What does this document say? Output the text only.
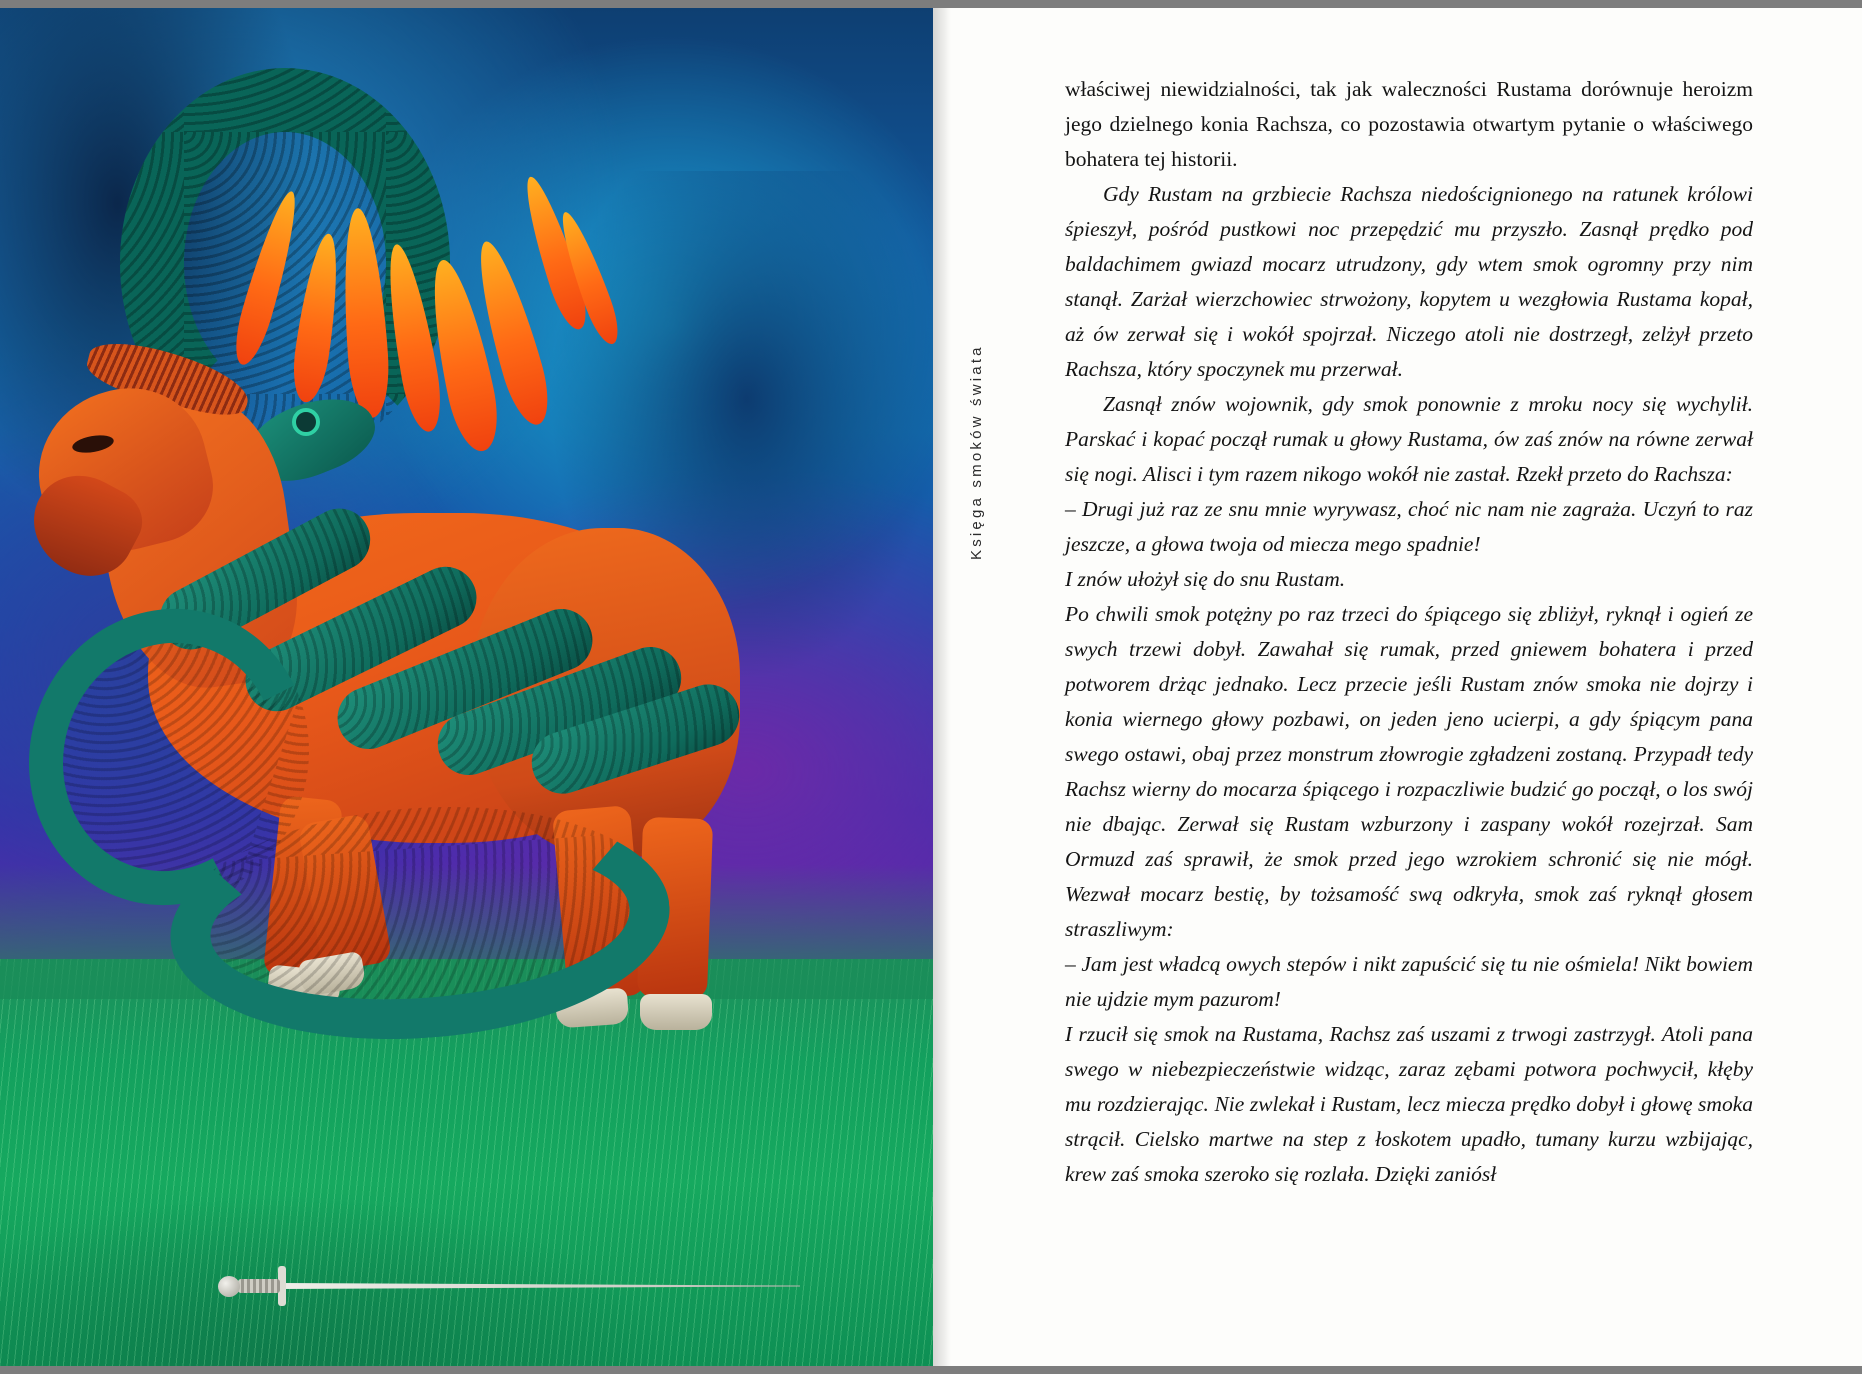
Księga smoków świata

właściwej niewidzialności, tak jak waleczności Rustama dorównuje heroizm jego dzielnego konia Rachsza, co pozostawia otwartym pytanie o właściwego bohatera tej historii.

Gdy Rustam na grzbiecie Rachsza niedoścignionego na ratunek królowi śpieszył, pośród pustkowi noc przepędzić mu przyszło. Zasnął prędko pod baldachimem gwiazd mocarz utrudzony, gdy wtem smok ogromny przy nim stanął. Zarżał wierzchowiec strwożony, kopytem u wezgłowia Rustama kopał, aż ów zerwał się i wokół spojrzał. Niczego atoli nie dostrzegł, zelżył przeto Rachsza, który spoczynek mu przerwał.

Zasnął znów wojownik, gdy smok ponownie z mroku nocy się wychylił. Parskać i kopać począł rumak u głowy Rustama, ów zaś znów na równe zerwał się nogi. Alisci i tym razem nikogo wokół nie zastał. Rzekł przeto do Rachsza:

– Drugi już raz ze snu mnie wyrywasz, choć nic nam nie zagraża. Uczyń to raz jeszcze, a głowa twoja od miecza mego spadnie!

I znów ułożył się do snu Rustam.

Po chwili smok potężny po raz trzeci do śpiącego się zbliżył, ryknął i ogień ze swych trzewi dobył. Zawahał się rumak, przed gniewem bohatera i przed potworem drżąc jednako. Lecz przecie jeśli Rustam znów smoka nie dojrzy i konia wiernego głowy pozbawi, on jeden jeno ucierpi, a gdy śpiącym pana swego ostawi, obaj przez monstrum złowrogie zgładzeni zostaną. Przypadł tedy Rachsz wierny do mocarza śpiącego i rozpaczliwie budzić go począł, o los swój nie dbając. Zerwał się Rustam wzburzony i zaspany wokół rozejrzał. Sam Ormuzd zaś sprawił, że smok przed jego wzrokiem schronić się nie mógł. Wezwał mocarz bestię, by tożsamość swą odkryła, smok zaś ryknął głosem straszliwym:

– Jam jest władcą owych stepów i nikt zapuścić się tu nie ośmiela! Nikt bowiem nie ujdzie mym pazurom!

I rzucił się smok na Rustama, Rachsz zaś uszami z trwogi zastrzygł. Atoli pana swego w niebezpieczeństwie widząc, zaraz zębami potwora pochwycił, kłęby mu rozdzierając. Nie zwlekał i Rustam, lecz miecza prędko dobył i głowę smoka strącił. Cielsko martwe na step z łoskotem upadło, tumany kurzu wzbijając, krew zaś smoka szeroko się rozlała. Dzięki zaniósł
